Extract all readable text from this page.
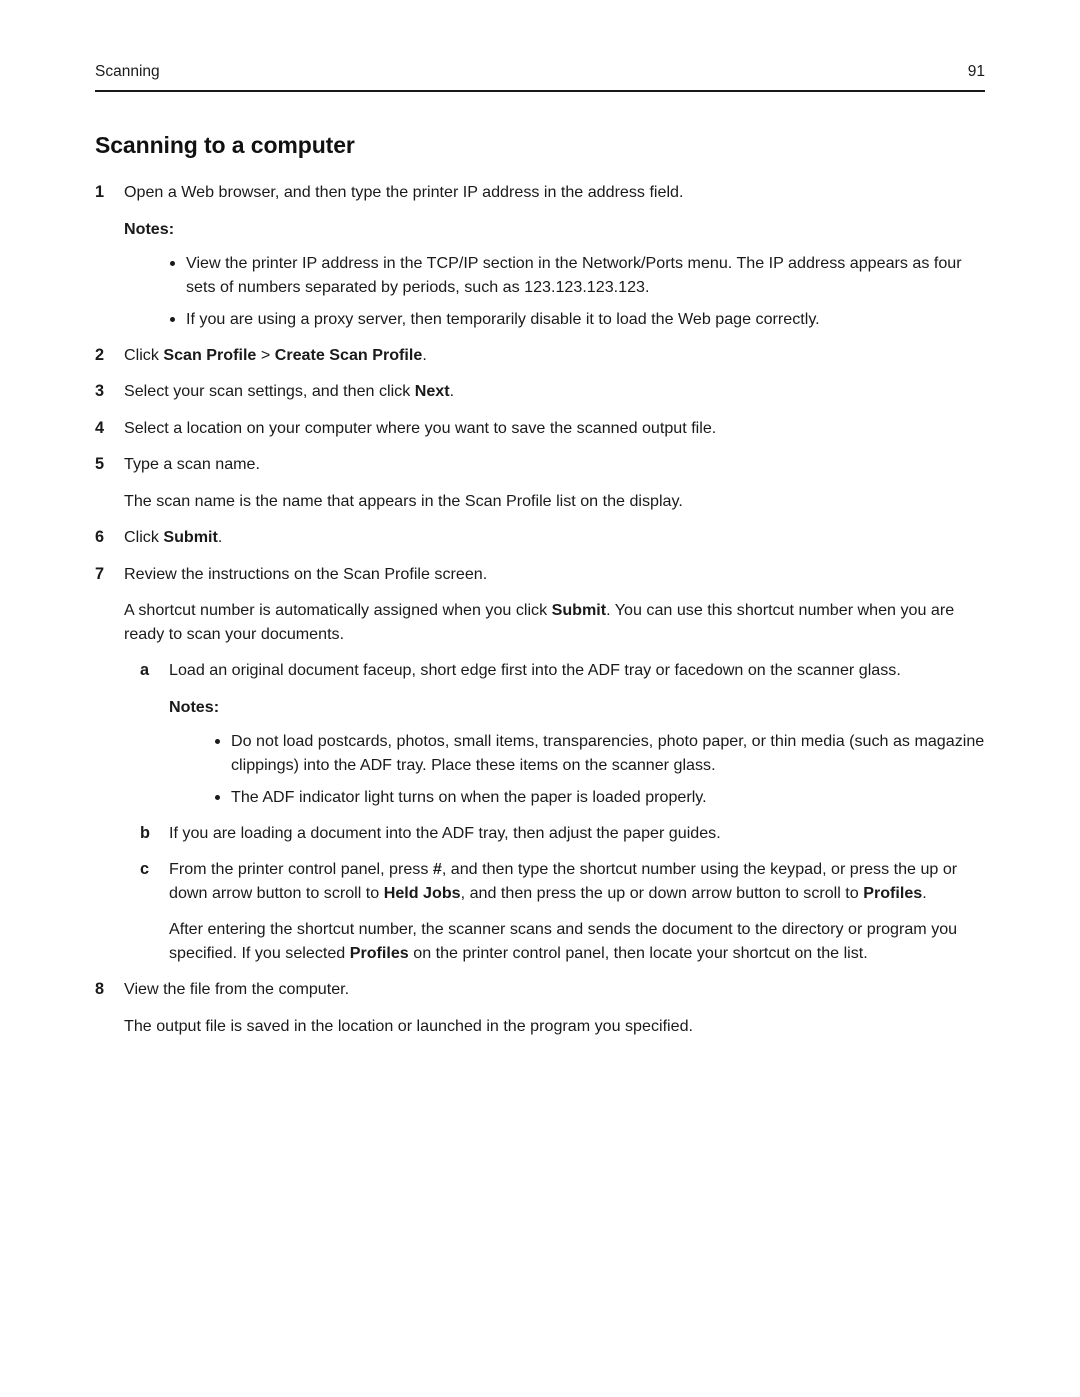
Scanning	91
Scanning to a computer
1	Open a Web browser, and then type the printer IP address in the address field.
Notes:
View the printer IP address in the TCP/IP section in the Network/Ports menu. The IP address appears as four sets of numbers separated by periods, such as 123.123.123.123.
If you are using a proxy server, then temporarily disable it to load the Web page correctly.
2	Click Scan Profile > Create Scan Profile.
3	Select your scan settings, and then click Next.
4	Select a location on your computer where you want to save the scanned output file.
5	Type a scan name.
The scan name is the name that appears in the Scan Profile list on the display.
6	Click Submit.
7	Review the instructions on the Scan Profile screen.
A shortcut number is automatically assigned when you click Submit. You can use this shortcut number when you are ready to scan your documents.
a Load an original document faceup, short edge first into the ADF tray or facedown on the scanner glass.
Notes:
Do not load postcards, photos, small items, transparencies, photo paper, or thin media (such as magazine clippings) into the ADF tray. Place these items on the scanner glass.
The ADF indicator light turns on when the paper is loaded properly.
b If you are loading a document into the ADF tray, then adjust the paper guides.
c From the printer control panel, press #, and then type the shortcut number using the keypad, or press the up or down arrow button to scroll to Held Jobs, and then press the up or down arrow button to scroll to Profiles.
After entering the shortcut number, the scanner scans and sends the document to the directory or program you specified. If you selected Profiles on the printer control panel, then locate your shortcut on the list.
8	View the file from the computer.
The output file is saved in the location or launched in the program you specified.
